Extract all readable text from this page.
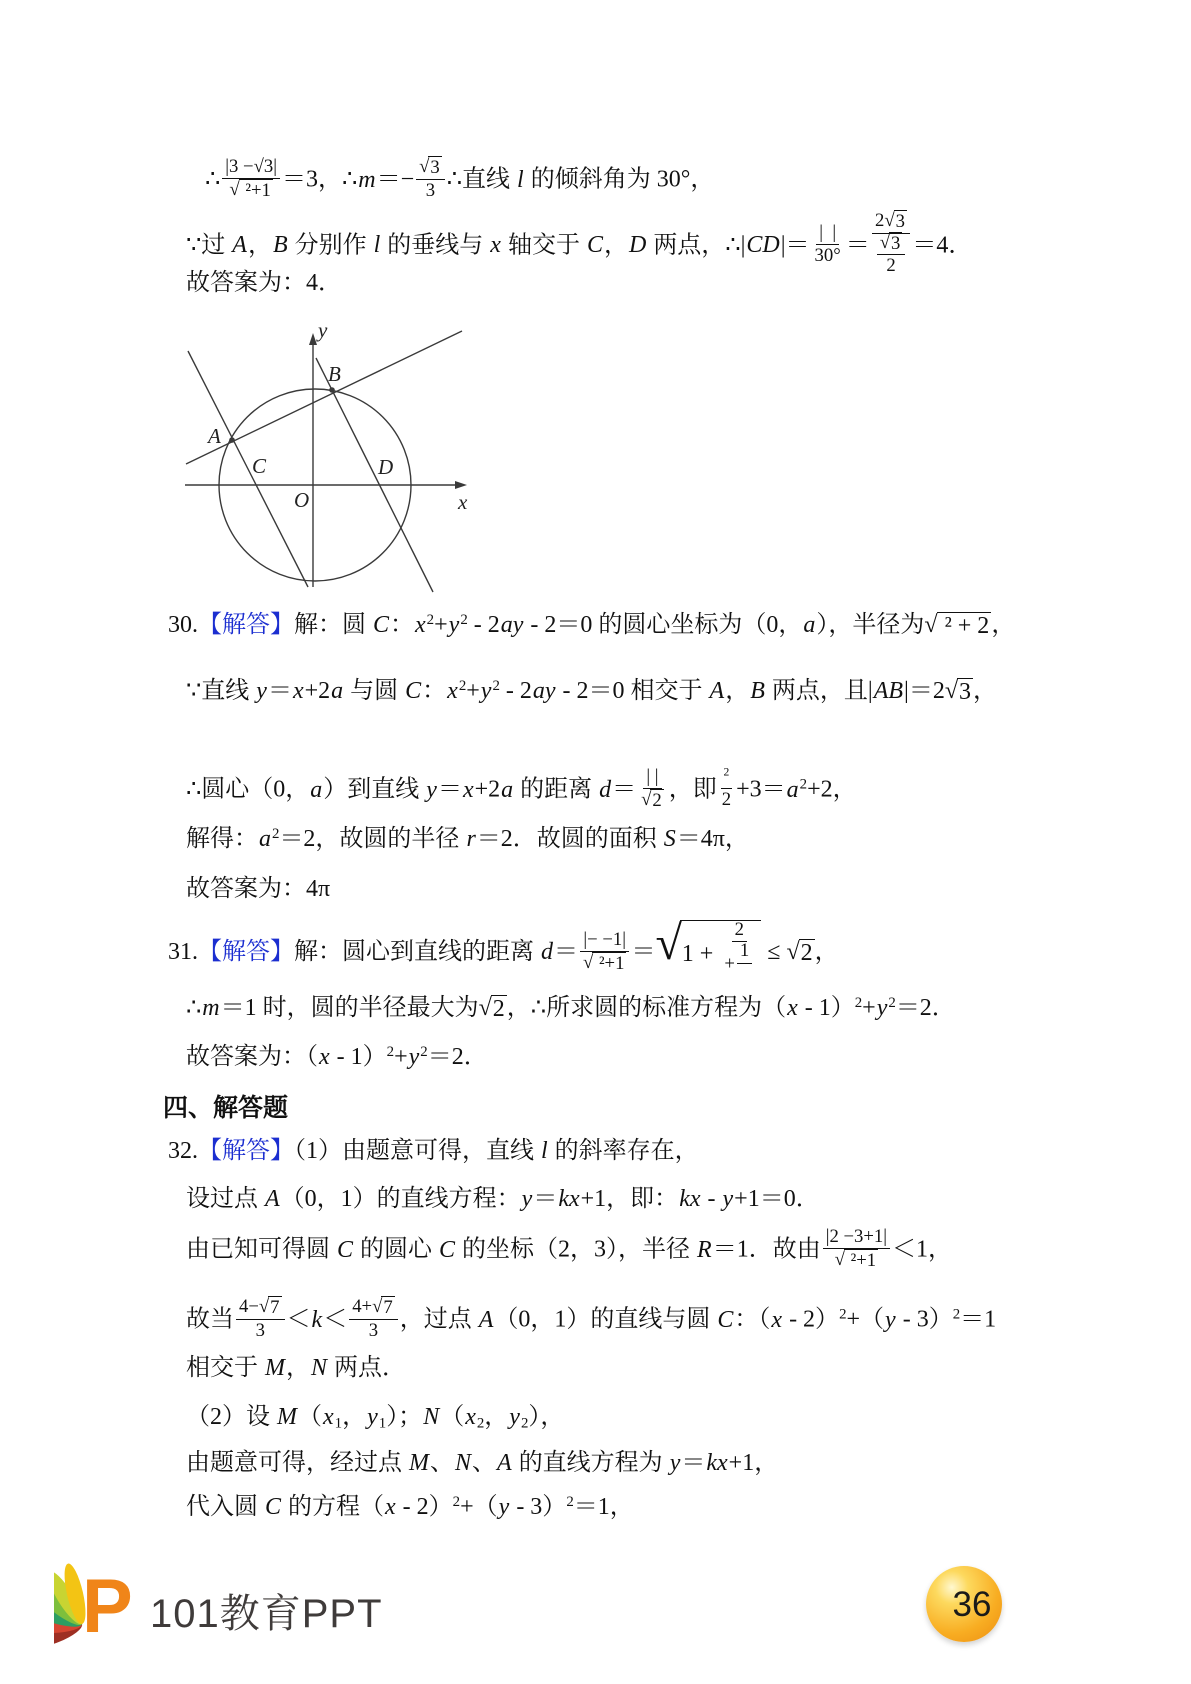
∴ $\frac{|3 -√3|}{\text{√ ²+1}} =3$，∴m＝− $\frac{√ 3}{3}$ ∴直线 l 的倾斜角为 30°，
∵过 A，B 分别作 l 的垂线与 x 轴交于 C，D 两点，∴|CD|＝ $\frac{| |}{30^\circ} = \frac{2 √ 3}{\frac{√ 3}{2}} =4$．
故答案为：4．
y
x
O
A
B
C	D
30.【解答】解：圆 C：$x^2+y^2 - 2ay - 2=0$ 的圆心坐标为（0，a），半径为 √ ² + 2 ，
∵直线 y＝x+2a 与圆 C：$x^2+y^2 - 2ay - 2=0$ 相交于 A，B 两点，且|AB|＝2 √ 3 ，
∴圆心（0，a）到直线 y＝x+2a 的距离 $d= \frac{| |}{√ 2}$ ，即 $\frac{^2}{2} +3=a^2+2$，
解得：$a^2=2$，故圆的半径 r＝2．故圆的面积 S＝4π，
故答案为：4π
31.【解答】解：圆心到直线的距离 $d= \frac{|- -1|}{\text{√ ²+1}}$ ＝ √ 1 + 2
+
1
≤ √ 2 ，
∴m＝1 时，圆的半径最大为 √ 2 ，∴所求圆的标准方程为$(x - 1)^2+y^2=2$．
故答案为：$(x - 1)^2+y^2=2$．
四、解答题
32.【解答】（1）由题意可得，直线 l 的斜率存在，
设过点 A（0，1）的直线方程：y＝kx+1，即：kx - y+1＝0．
由已知可得圆 C 的圆心 C 的坐标（2，3），半径 R＝1．故由 $\frac{|2 -3+1|}{\text{√ ²+1}} <1$，
故当 $\frac{4- √ 7}{3} <k< \frac{4+ √ 7}{3}$ ，过点 A（0，1）的直线与圆 C：（x - 2）$^2$+（y - 3）$^2$＝1
相交于 M，N 两点．
（2）设 $M(x_1$，$y_1$）；$N(x_2$，$y_2$），
由题意可得，经过点 M、N、A 的直线方程为 y＝kx+1，
代入圆 C 的方程（x - 2）$^2$+（y - 3）$^2$＝1，
P 101教育PPT	36
